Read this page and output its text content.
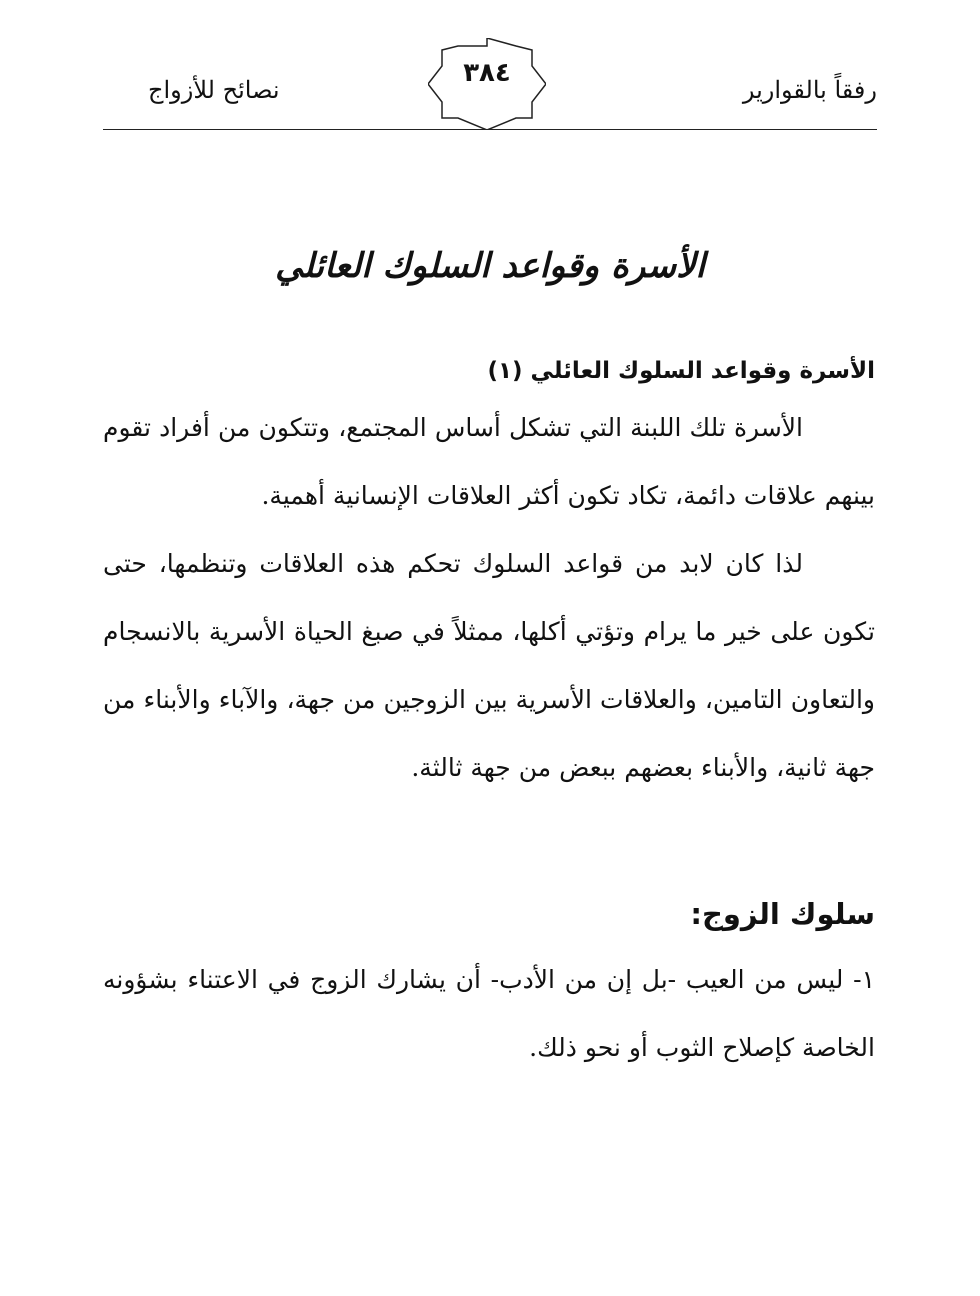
رفقاً بالقوارير
نصائح للأزواج
٣٨٤
الأسرة وقواعد السلوك العائلي

الأسرة وقواعد السلوك العائلي (١)

الأسرة تلك اللبنة التي تشكل أساس المجتمع، وتتكون من أفراد تقوم بينهم علاقات دائمة، تكاد تكون أكثر العلاقات الإنسانية أهمية.

لذا كان لابد من قواعد السلوك تحكم هذه العلاقات وتنظمها، حتى تكون على خير ما يرام وتؤتي أكلها، ممثلاً في صبغ الحياة الأسرية بالانسجام والتعاون التامين، والعلاقات الأسرية بين الزوجين من جهة، والآباء والأبناء من جهة ثانية، والأبناء بعضهم ببعض من جهة ثالثة.

سلوك الزوج:

١- ليس من العيب -بل إن من الأدب- أن يشارك الزوج في الاعتناء بشؤونه الخاصة كإصلاح الثوب أو نحو ذلك.
